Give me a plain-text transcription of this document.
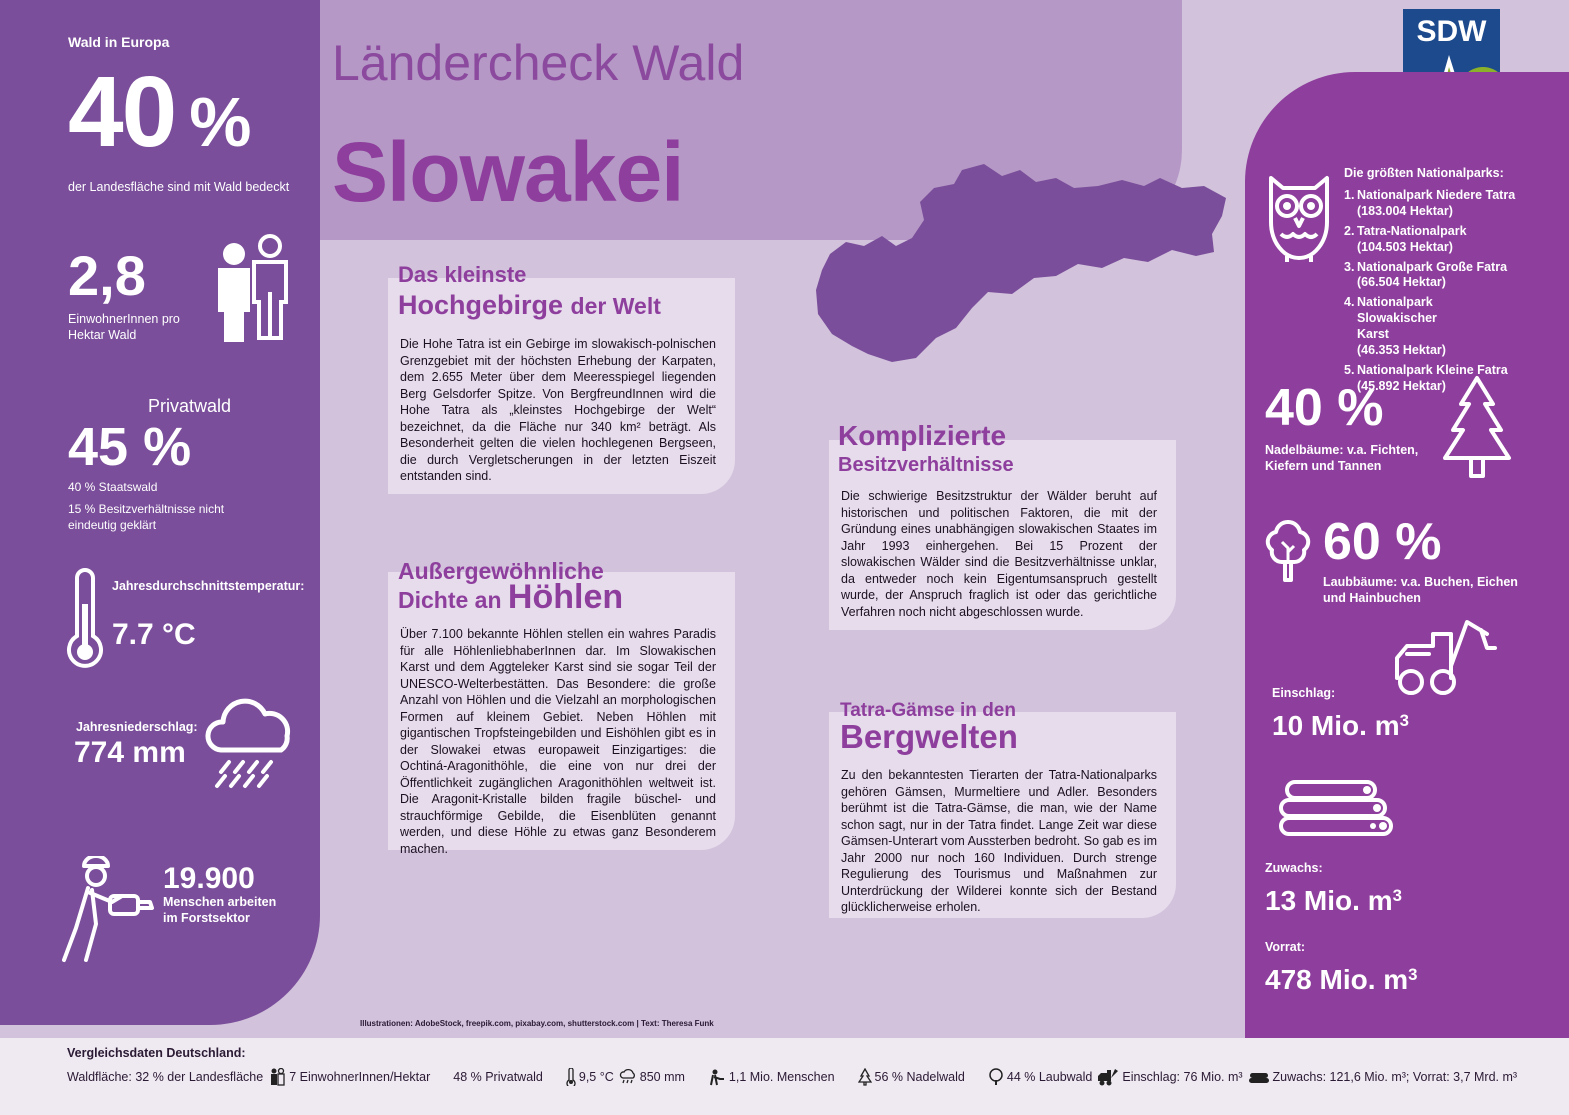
Wald in Europa
40 %
der Landesfläche sind mit Wald bedeckt
2,8
EinwohnerInnen pro Hektar Wald
Privatwald
45 %
40 % Staatswald
15 % Besitzverhältnisse nicht eindeutig geklärt
Jahresdurchschnittstemperatur:
7.7 °C
Jahresniederschlag:
774 mm
19.900
Menschen arbeiten im Forstsektor
Ländercheck Wald
Slowakei
SDW

Die Hohe Tatra ist ein Gebirge im slowakisch-polnischen Grenzgebiet mit der höchsten Erhebung der Karpaten, dem 2.655 Meter über dem Meeresspiegel liegenden Berg Gelsdorfer Spitze. Von BergfreundInnen wird die Hohe Tatra als „kleinstes Hochgebirge der Welt“ bezeichnet, da die Fläche nur 340 km² beträgt. Als Besonderheit gelten die vielen hochlegenen Bergseen, die durch Vergletscherungen in der letzten Eiszeit entstanden sind.

Das kleinste
Hochgebirge der Welt

Über 7.100 bekannte Höhlen stellen ein wahres Paradis für alle HöhlenliebhaberInnen dar. Im Slowakischen Karst und dem Aggteleker Karst sind sie sogar Teil der UNESCO-Welterbestätten. Das Besondere: die große Anzahl von Höhlen und die Vielzahl an morphologischen Formen auf kleinem Gebiet. Neben Höhlen mit gigantischen Tropfsteingebilden und Eishöhlen gibt es in der Slowakei etwas europaweit Einzigartiges: die Ochtiná-Aragonithöhle, die eine von nur drei der Öffentlichkeit zugänglichen Aragonithöhlen weltweit ist. Die Aragonit-Kristalle bilden fragile büschel- und strauchförmige Gebilde, die Eisenblüten genannt werden, und diese Höhle zu etwas ganz Besonderem machen.

Außergewöhnliche
Dichte an Höhlen

Die schwierige Besitzstruktur der Wälder beruht auf historischen und politischen Faktoren, die mit der Gründung eines unabhängigen slowakischen Staates im Jahr 1993 einhergehen. Bei 15 Prozent der slowakischen Wälder sind die Besitzverhältnisse unklar, da entweder noch kein Eigentumsanspruch gestellt wurde, der Anspruch fraglich ist oder das gerichtliche Verfahren noch nicht abgeschlossen wurde.

Komplizierte
Besitzverhältnisse

Zu den bekanntesten Tierarten der Tatra-Nationalparks gehören Gämsen, Murmeltiere und Adler. Besonders berühmt ist die Tatra-Gämse, die man, wie der Name schon sagt, nur in der Tatra findet. Lange Zeit war diese Gämsen-Unterart vom Aussterben bedroht. So gab es im Jahr 2000 nur noch 160 Individuen. Durch strenge Regulierung des Tourismus und Maßnahmen zur Unterdrückung der Wilderei konnte sich der Bestand glücklicherweise erholen.

Tatra-Gämse in den
Bergwelten
Die größten Nationalparks:
1. Nationalpark Niedere Tatra
(183.004 Hektar)
2. Tatra-Nationalpark
(104.503 Hektar)
3. Nationalpark Große Fatra
(66.504 Hektar)
4. Nationalpark Slowakischer Karst
(46.353 Hektar)
5. Nationalpark Kleine Fatra
(45.892 Hektar)
40 %
Nadelbäume: v.a. Fichten, Kiefern und Tannen
60 %
Laubbäume: v.a. Buchen, Eichen und Hainbuchen
Einschlag:
10 Mio. $m^3$
Zuwachs:
13 Mio. $m^3$
Vorrat:
478 Mio. $m^3$
Illustrationen: AdobeStock, freepik.com, pixabay.com, shutterstock.com | Text: Theresa Funk
Vergleichsdaten Deutschland:
Waldfläche: 32 % der Landesfläche 7 EinwohnerInnen/Hektar 48 % Privatwald	9,5 °C 850 mm	1,1 Mio. Menschen	56 % Nadelwald	44 % Laubwald Einschlag: 76 Mio. m³ Zuwachs: 121,6 Mio. m³; Vorrat: 3,7 Mrd. m³
